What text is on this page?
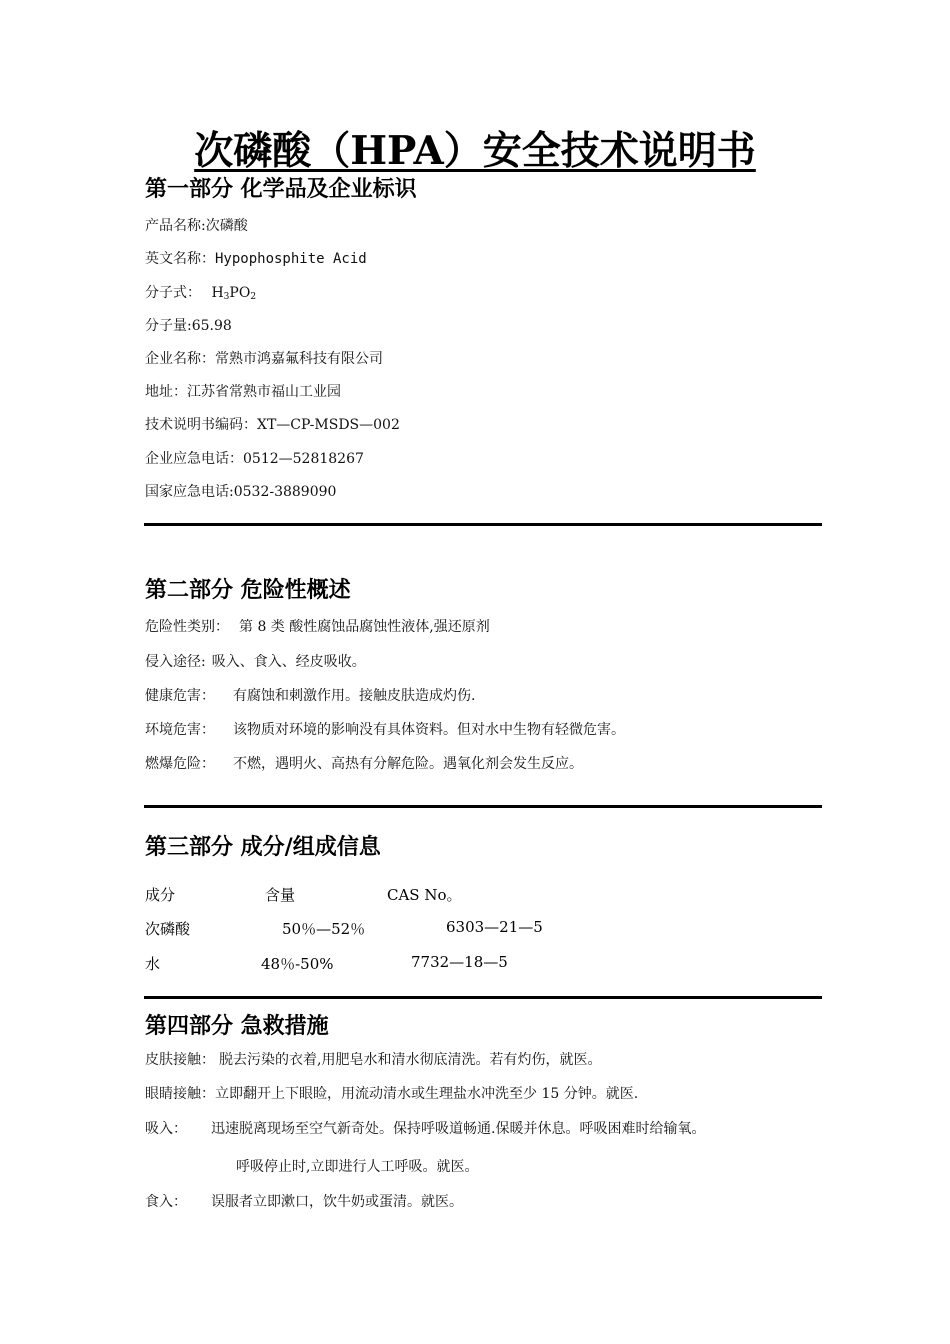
次磷酸（HPA）安全技术说明书
第一部分 化学品及企业标识
产品名称:次磷酸
英文名称：Hypophosphite Acid
分子式： $H_3PO_2$
分子量:65.98
企业名称：常熟市鸿嘉氟科技有限公司
地址：江苏省常熟市福山工业园
技术说明书编码：XT—CP-MSDS—002
企业应急电话：0512—52818267
国家应急电话:0532-3889090
第二部分 危险性概述
危险性类别： 第 8 类 酸性腐蚀品腐蚀性液体,强还原剂
侵入途径: 吸入、食入、经皮吸收。
健康危害： 有腐蚀和刺激作用。接触皮肤造成灼伤.
环境危害： 该物质对环境的影响没有具体资料。但对水中生物有轻微危害。
燃爆危险： 不燃，遇明火、高热有分解危险。遇氧化剂会发生反应。
第三部分 成分/组成信息
成分	含量	CAS No。
次磷酸	50％—52％	6303—21—5
水	48％-50%	7732—18—5
第四部分 急救措施
皮肤接触： 脱去污染的衣着,用肥皂水和清水彻底清洗。若有灼伤，就医。
眼睛接触：立即翻开上下眼睑，用流动清水或生理盐水冲洗至少 15 分钟。就医.
吸入： 迅速脱离现场至空气新奇处。保持呼吸道畅通.保暖并休息。呼吸困难时给输氧。
呼吸停止时,立即进行人工呼吸。就医。
食入： 误服者立即漱口，饮牛奶或蛋清。就医。
